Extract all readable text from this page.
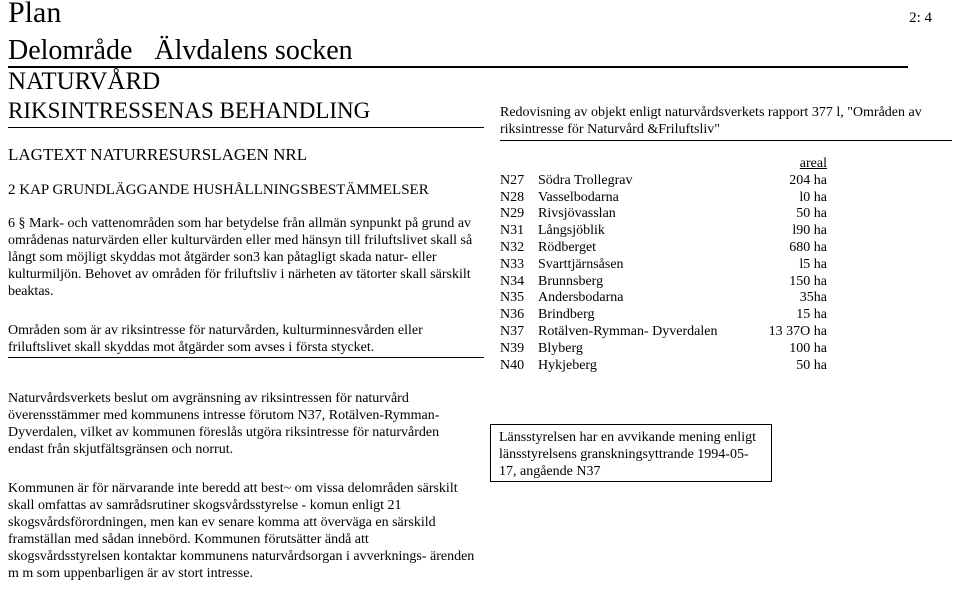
Plan	2: 4
Delområde Älvdalens socken
NATURVÅRD
RIKSINTRESSENAS BEHANDLING
LAGTEXT NATURRESURSLAGEN NRL
2 KAP GRUNDLÄGGANDE HUSHÅLLNINGSBESTÄMMELSER
6 § Mark- och vattenområden som har betydelse från allmän synpunkt på grund av områdenas naturvärden eller kulturvärden eller med hänsyn till friluftslivet skall så långt som möjligt skyddas mot åtgärder son3 kan påtagligt skada natur- eller kulturmiljön. Behovet av områden för friluftsliv i närheten av tätorter skall särskilt beaktas.
Områden som är av riksintresse för naturvården, kulturminnesvården eller friluftslivet skall skyddas mot åtgärder som avses i första stycket.
Naturvårdsverkets beslut om avgränsning av riksintressen för naturvård överensstämmer med kommunens intresse förutom N37, Rotälven-Rymman- Dyverdalen, vilket av kommunen föreslås utgöra riksintresse för naturvården endast från skjutfältsgränsen och norrut.
Kommunen är för närvarande inte beredd att best~ om vissa delområden särskilt skall omfattas av samrådsrutiner skogsvårdsstyrelse - komun enligt 21 skogsvårdsförordningen, men kan ev senare komma att överväga en särskild framställan med sådan innebörd. Kommunen förutsätter ändå att skogsvårdsstyrelsen kontaktar kommunens naturvårdsorgan i avverknings- ärenden m m som uppenbarligen är av stort intresse.
Redovisning av objekt enligt naturvårdsverkets rapport 377 l, "Områden av riksintresse för Naturvård &Friluftsliv"
		areal
N27	Södra Trollegrav	204 ha
N28	Vasselbodarna	l0 ha
N29	Rivsjövasslan	50 ha
N31	Långsjöblik	l90 ha
N32	Rödberget	680 ha
N33	Svarttjärnsåsen	l5 ha
N34	Brunnsberg	150 ha
N35	Andersbodarna	35ha
N36	Brindberg	15 ha
N37	Rotälven-Rymman- Dyverdalen	13 37O ha
N39	Blyberg	100 ha
N40	Hykjeberg	50 ha
Länsstyrelsen har en avvikande mening enligt länsstyrelsens granskningsyttrande 1994-05-17, angående N37
